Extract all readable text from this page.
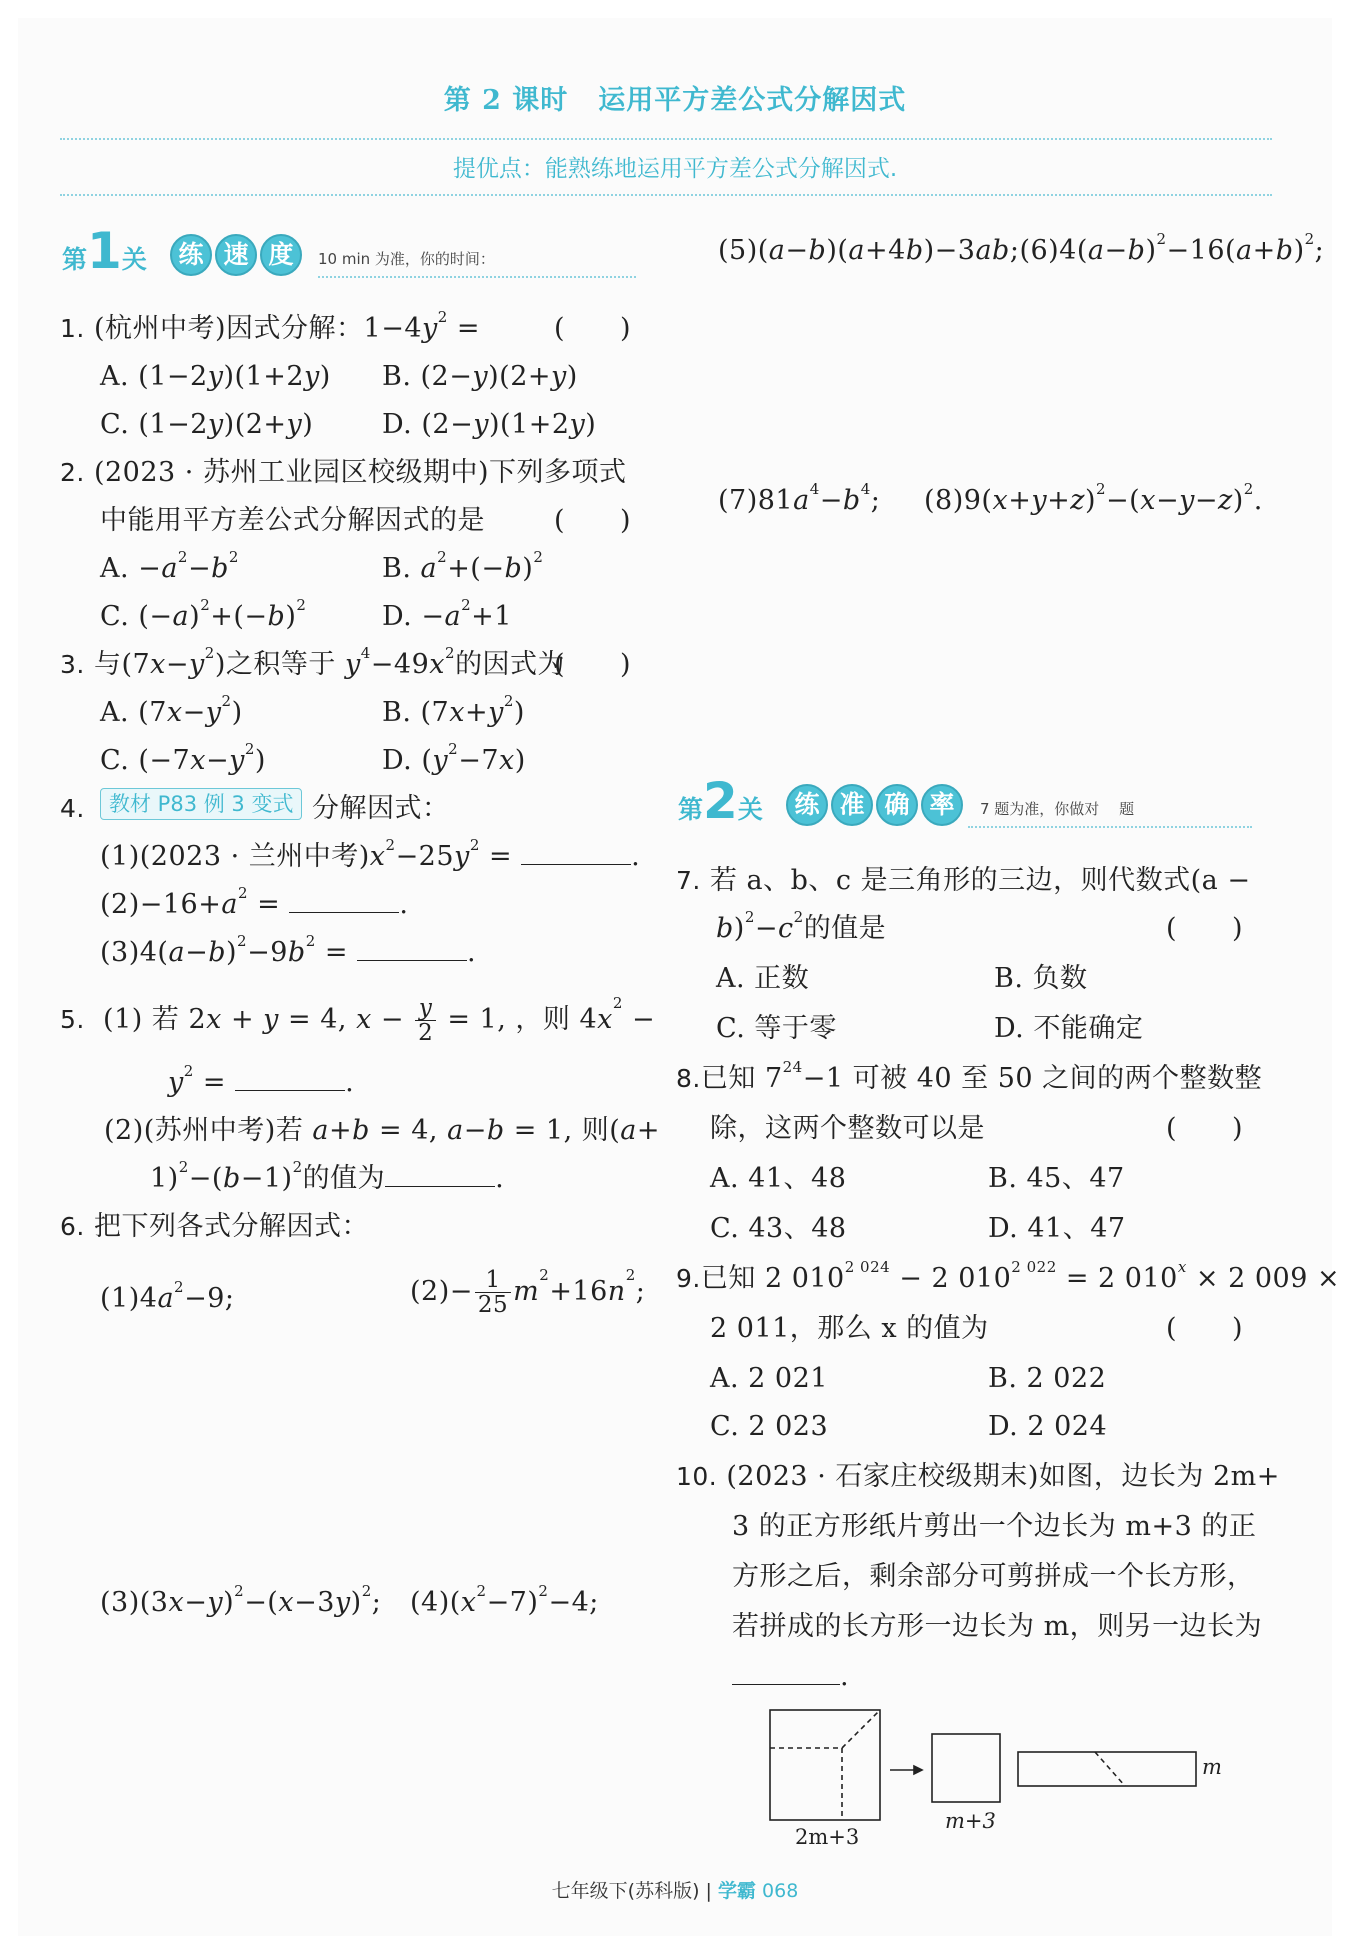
第 2 课时 运用平方差公式分解因式
提优点：能熟练地运用平方差公式分解因式.
第1关	练 速 度	10 min 为准，你的时间：
1. (杭州中考)因式分解：$1-4y^2$ =	(　　)
A. (1−2y)(1+2y) B. (2−y)(2+y)
C. (1−2y)(2+y)	D. (2−y)(1+2y)
2. (2023 · 苏州工业园区校级期中)下列多项式
中能用平方差公式分解因式的是	(　　)
A. $-a^2-b^2$	B. $a^2+(-b)^2$
C. $(-a)^2+(-b)^2$	D. $-a^2+1$
3. 与$(7x-y^2)$之积等于 $y^4-49x^2$的因式为
(　　)
A. $(7x-y^2)$	B. $(7x+y^2)$
C. $(-7x-y^2)$	D. $(y^2-7x)$
4.	教材 P83 例 3 变式 分解因式：
(1)(2023 · 兰州中考)$x^2-25y^2$ =	.
$(2)-16+a^2$ =	.
$(3)4(a-b)^2-9b^2$ =	.
5. (1) 若 2x + y = 4, $x - \frac{y}{2} = 1$, ，则 $4x^2$ −
$y^2$ =	.
(2)(苏州中考)若 a+b = 4, a−b = 1, 则(a+
$1)^2-(b-1)^2$的值为	.
6. 把下列各式分解因式：
$(1)4a^2-9$;	$(2)- \frac{1}{25} m^2+16n^2$;
$(3)(3x-y)^2-(x-3y)^2$; $(4)(x^2-7)^2-4$;
$(5)(a-b)(a+4b)-3ab;(6)4(a-b)^2-16(a+b)^2$;
$(7)81a^4-b^4$; $(8)9(x+y+z)^2-(x-y-z)^2$.
第2关	练 准 确 率	7 题为准，你做对　 题
7. 若 a、b、c 是三角形的三边，则代数式(a −
$b)^2-c^2$的值是	(　　)
A. 正数	B. 负数
C. 等于零	D. 不能确定
8.已知 $7^{24}-1$ 可被 40 至 50 之间的两个整数整
除，这两个整数可以是	(　　)
A. 41、48	B. 45、47
C. 43、48	D. 41、47
9.已知 2 $010^{2 024} - 2$ $010^{2 022} = 2$ $010^x \times 2$ 009 ×
2 011，那么 x 的值为	(　　)
A. 2 021	B. 2 022
C. 2 023	D. 2 024
10. (2023 · 石家庄校级期末)如图，边长为 2m+
3 的正方形纸片剪出一个边长为 m+3 的正
方形之后，剩余部分可剪拼成一个长方形，
若拼成的长方形一边长为 m，则另一边长为
.
2m+3
m+3
m
七年级下(苏科版) | 学霸 068
